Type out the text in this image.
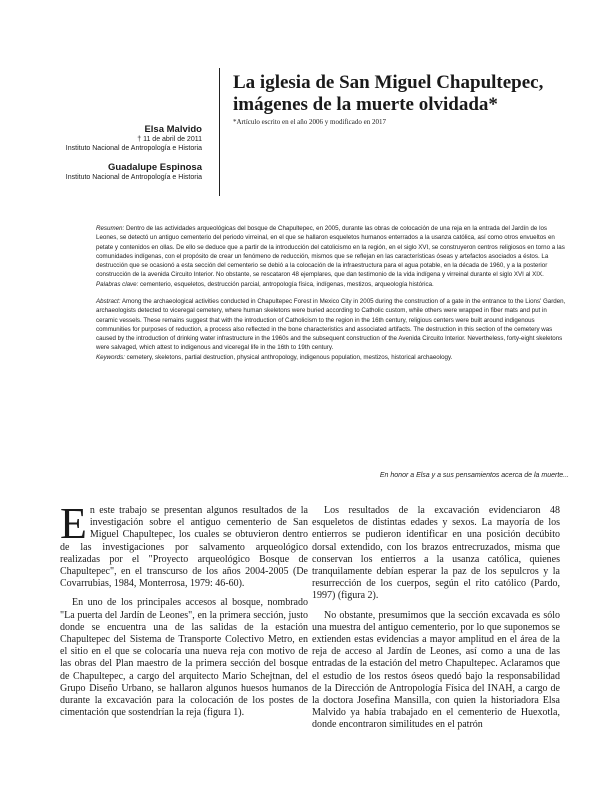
La iglesia de San Miguel Chapultepec, imágenes de la muerte olvidada*
*Artículo escrito en el año 2006 y modificado en 2017
Elsa Malvido
† 11 de abril de 2011
Instituto Nacional de Antropología e Historia
Guadalupe Espinosa
Instituto Nacional de Antropología e Historia

Resumen: Dentro de las actividades arqueológicas del bosque de Chapultepec, en 2005, durante las obras de colocación de una reja en la entrada del Jardín de los Leones, se detectó un antiguo cementerio del periodo virreinal, en el que se hallaron esqueletos humanos enterrados a la usanza católica, así como otros envueltos en petate y contenidos en ollas. De ello se deduce que a partir de la introducción del catolicismo en la región, en el siglo XVI, se construyeron centros religiosos en torno a las comunidades indígenas, con el propósito de crear un fenómeno de reducción, mismos que se reflejan en las características óseas y artefactos asociados a éstos. La destrucción que se ocasionó a esta sección del cementerio se debió a la colocación de la infraestructura para el agua potable, en la década de 1960, y a la posterior construcción de la avenida Circuito Interior. No obstante, se rescataron 48 ejemplares, que dan testimonio de la vida indígena y virreinal durante el siglo XVI al XIX.

Palabras clave: cementerio, esqueletos, destrucción parcial, antropología física, indígenas, mestizos, arqueología histórica.

Abstract: Among the archaeological activities conducted in Chapultepec Forest in Mexico City in 2005 during the construction of a gate in the entrance to the Lions' Garden, archaeologists detected to viceregal cemetery, where human skeletons were buried according to Catholic custom, while others were wrapped in fiber mats and put in ceramic vessels. These remains suggest that with the introduction of Catholicism to the region in the 16th century, religious centers were built around indigenous communities for purposes of reduction, a process also reflected in the bone characteristics and associated artifacts. The destruction in this section of the cemetery was caused by the introduction of drinking water infrastructure in the 1960s and the subsequent construction of the Avenida Circuito Interior. Nevertheless, forty-eight skeletons were salvaged, which attest to indigenous and viceregal life in the 16th to 19th century.

Keywords: cemetery, skeletons, partial destruction, physical anthropology, indigenous population, mestizos, historical archaeology.

En honor a Elsa y a sus pensamientos acerca de la muerte...

En este trabajo se presentan algunos resultados de la investigación sobre el antiguo cementerio de San Miguel Chapultepec, los cuales se obtuvieron dentro de las investigaciones por salvamento arqueológico realizadas por el "Proyecto arqueológico Bosque de Chapultepec", en el transcurso de los años 2004-2005 (De Covarrubias, 1984, Monterrosa, 1979: 46-60).

En uno de los principales accesos al bosque, nombrado "La puerta del Jardín de Leones", en la primera sección, justo donde se encuentra una de las salidas de la estación Chapultepec del Sistema de Transporte Colectivo Metro, en el sitio en el que se colocaría una nueva reja con motivo de las obras del Plan maestro de la primera sección del bosque de Chapultepec, a cargo del arquitecto Mario Schejtnan, del Grupo Diseño Urbano, se hallaron algunos huesos humanos durante la excavación para la colocación de los postes de cimentación que sostendrían la reja (figura 1).

Los resultados de la excavación evidenciaron 48 esqueletos de distintas edades y sexos. La mayoría de los entierros se pudieron identificar en una posición decúbito dorsal extendido, con los brazos entrecruzados, misma que conservan los entierros a la usanza católica, quienes tranquilamente debían esperar la paz de los sepulcros y la resurrección de los cuerpos, según el rito católico (Pardo, 1997) (figura 2).

No obstante, presumimos que la sección excavada es sólo una muestra del antiguo cementerio, por lo que suponemos se extienden estas evidencias a mayor amplitud en el área de la reja de acceso al Jardín de Leones, así como a una de las entradas de la estación del metro Chapultepec. Aclaramos que el estudio de los restos óseos quedó bajo la responsabilidad de la Dirección de Antropología Física del INAH, a cargo de la doctora Josefina Mansilla, con quien la historiadora Elsa Malvido ya había trabajado en el cementerio de Huexotla, donde encontraron similitudes en el patrón
